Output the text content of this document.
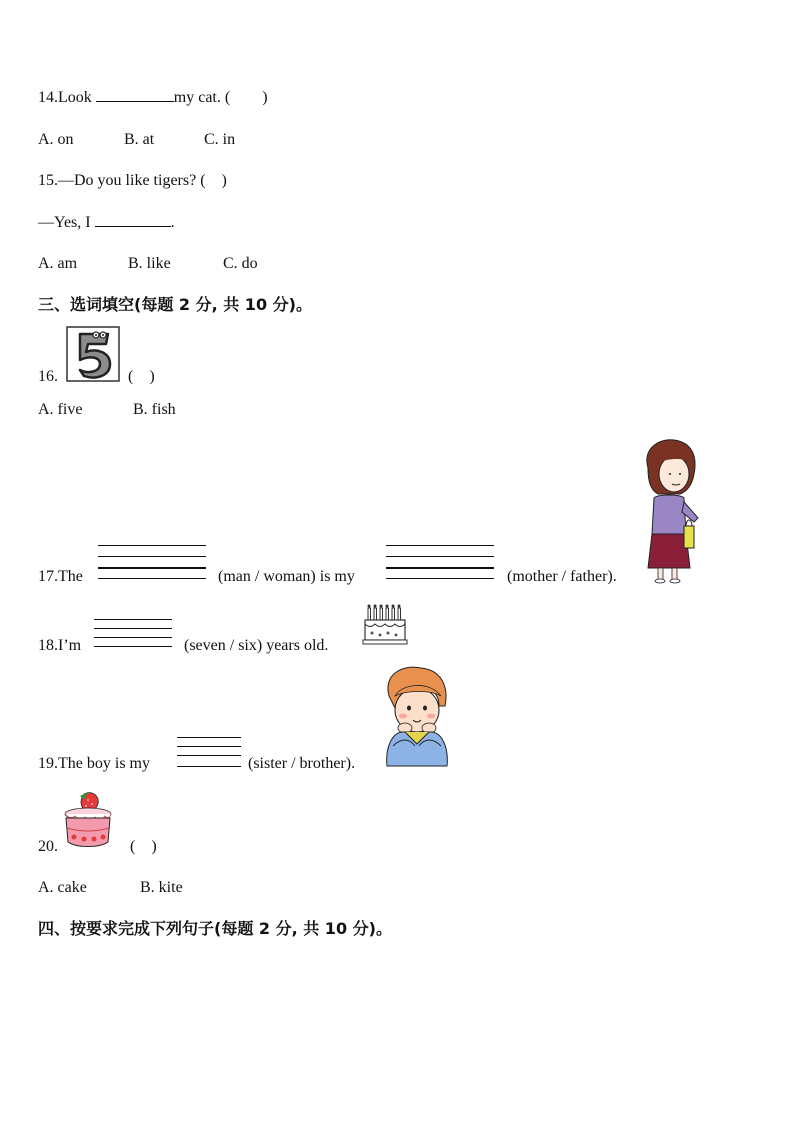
14.Look	my cat. (        )
A. on	B. at	C. in
15.—Do you like tigers? (    )
—Yes, I	.
A. am	B. like	C. do
三、选词填空(每题 2 分, 共 10 分)。
16.	(    )
A. five	B. fish
17.The	(man / woman) is my	(mother / father).
18.I’m	(seven / six) years old.
19.The boy is my	(sister / brother).
20.	(    )
A. cake	B. kite
四、按要求完成下列句子(每题 2 分, 共 10 分)。
